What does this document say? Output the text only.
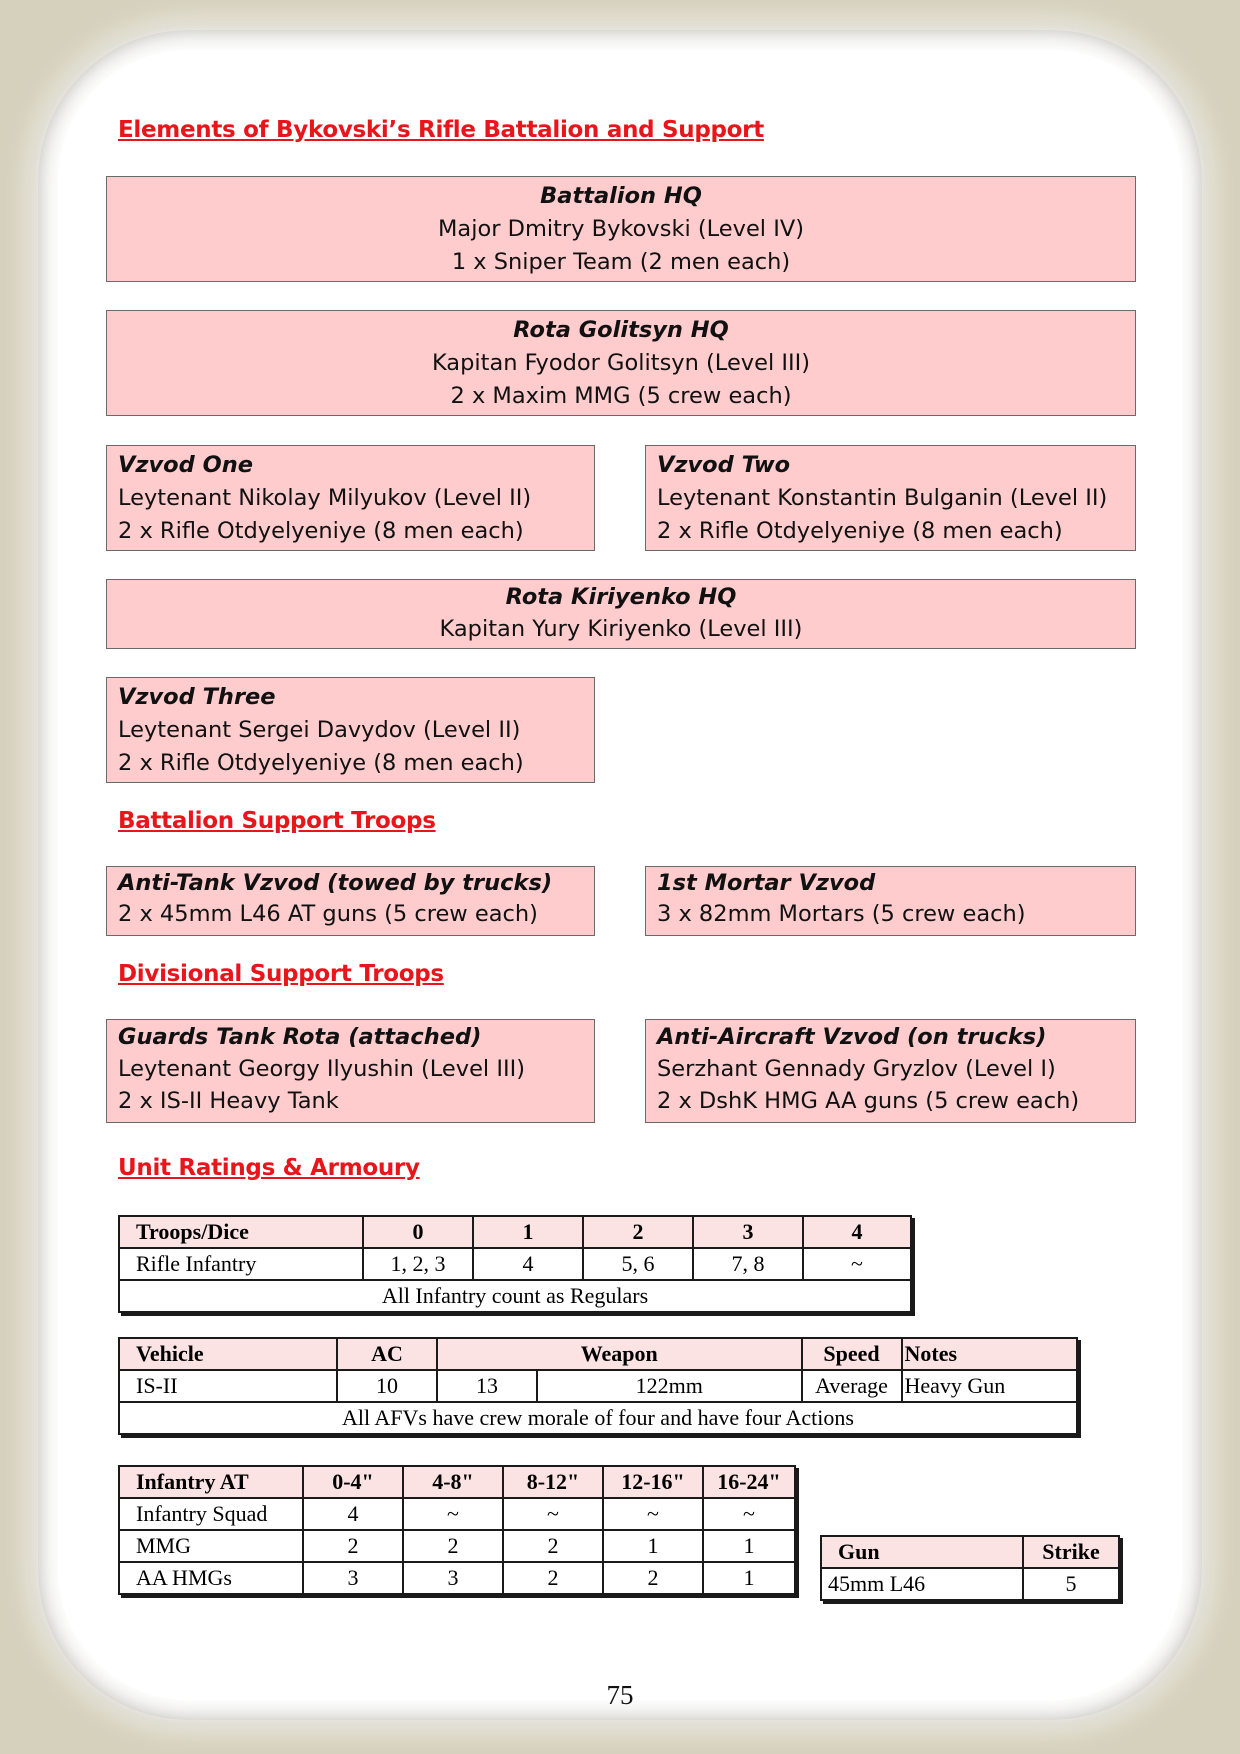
Elements of Bykovski’s Rifle Battalion and Support
Battalion HQ
Major Dmitry Bykovski (Level IV)
1 x Sniper Team (2 men each)
Rota Golitsyn HQ
Kapitan Fyodor Golitsyn (Level III)
2 x Maxim MMG (5 crew each)
Vzvod One
Leytenant Nikolay Milyukov (Level II)
2 x Rifle Otdyelyeniye (8 men each)
Vzvod Two
Leytenant Konstantin Bulganin (Level II)
2 x Rifle Otdyelyeniye (8 men each)
Rota Kiriyenko HQ
Kapitan Yury Kiriyenko (Level III)
Vzvod Three
Leytenant Sergei Davydov (Level II)
2 x Rifle Otdyelyeniye (8 men each)
Battalion Support Troops
Anti-Tank Vzvod (towed by trucks)
2 x 45mm L46 AT guns (5 crew each)
1st Mortar Vzvod
3 x 82mm Mortars (5 crew each)
Divisional Support Troops
Guards Tank Rota (attached)
Leytenant Georgy Ilyushin (Level III)
2 x IS-II Heavy Tank
Anti-Aircraft Vzvod (on trucks)
Serzhant Gennady Gryzlov (Level I)
2 x DshK HMG AA guns (5 crew each)
Unit Ratings & Armoury
Troops/Dice	0	1	2	3	4
Rifle Infantry	1, 2, 3	4	5, 6	7, 8	~
All Infantry count as Regulars					
Vehicle	AC	Weapon		Speed	Notes
IS-II	10	13	122mm	Average	Heavy Gun
All AFVs have crew morale of four and have four Actions					
Infantry AT	0-4"	4-8"	8-12"	12-16"	16-24"
Infantry Squad	4	~	~	~	~
MMG	2	2	2	1	1
AA HMGs	3	3	2	2	1
Gun	Strike
45mm L46	5
75
